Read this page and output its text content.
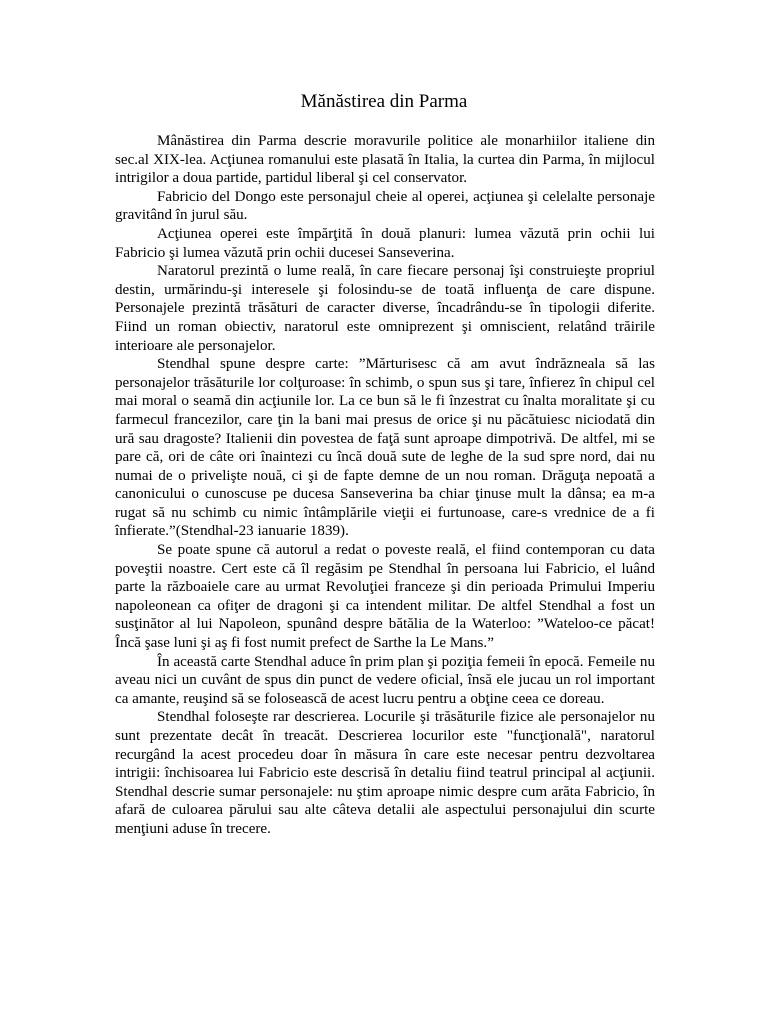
Mănăstirea din Parma

Mânăstirea din Parma descrie moravurile politice ale monarhiilor italiene din sec.al XIX-lea. Acţiunea romanului este plasată în Italia, la curtea din Parma, în mijlocul intrigilor a doua partide, partidul liberal şi cel conservator.

Fabricio del Dongo este personajul cheie al operei, acţiunea şi celelalte personaje gravitând în jurul său.

Acţiunea operei este împărţită în două planuri: lumea văzută prin ochii lui Fabricio şi lumea văzută prin ochii ducesei Sanseverina.

Naratorul prezintă o lume reală, în care fiecare personaj îşi construieşte propriul destin, urmărindu-şi interesele şi folosindu-se de toată influenţa de care dispune. Personajele prezintă trăsături de caracter diverse, încadrându-se în tipologii diferite. Fiind un roman obiectiv, naratorul este omniprezent şi omniscient, relatând trăirile interioare ale personajelor.

Stendhal spune despre carte: ”Mărturisesc că am avut îndrăzneala să las personajelor trăsăturile lor colţuroase: în schimb, o spun sus şi tare, înfierez în chipul cel mai moral o seamă din acţiunile lor. La ce bun să le fi înzestrat cu înalta moralitate şi cu farmecul francezilor, care ţin la bani mai presus de orice şi nu păcătuiesc niciodată din ură sau dragoste? Italienii din povestea de faţă sunt aproape dimpotrivă. De altfel, mi se pare că, ori de câte ori înaintezi cu încă două sute de leghe de la sud spre nord, dai nu numai de o privelişte nouă, ci şi de fapte demne de un nou roman. Drăguţa nepoată a canonicului o cunoscuse pe ducesa Sanseverina ba chiar ţinuse mult la dânsa; ea m-a rugat să nu schimb cu nimic întâmplările vieţii ei furtunoase, care-s vrednice de a fi înfierate.”(Stendhal-23 ianuarie 1839).

Se poate spune că autorul a redat o poveste reală, el fiind contemporan cu data poveştii noastre. Cert este că îl regăsim pe Stendhal în persoana lui Fabricio, el luând parte la războaiele care au urmat Revoluţiei franceze şi din perioada Primului Imperiu napoleonean ca ofiţer de dragoni şi ca intendent militar. De altfel Stendhal a fost un susţinător al lui Napoleon, spunând despre bătălia de la Waterloo: ”Wateloo-ce păcat! Încă şase luni şi aş fi fost numit prefect de Sarthe la Le Mans.”

În această carte Stendhal aduce în prim plan şi poziţia femeii în epocă. Femeile nu aveau nici un cuvânt de spus din punct de vedere oficial, însă ele jucau un rol important ca amante, reuşind să se folosească de acest lucru pentru a obţine ceea ce doreau.

Stendhal foloseşte rar descrierea. Locurile şi trăsăturile fizice ale personajelor nu sunt prezentate decât în treacăt. Descrierea locurilor este "funcţională", naratorul recurgând la acest procedeu doar în măsura în care este necesar pentru dezvoltarea intrigii: închisoarea lui Fabricio este descrisă în detaliu fiind teatrul principal al acţiunii. Stendhal descrie sumar personajele: nu ştim aproape nimic despre cum arăta Fabricio, în afară de culoarea părului sau alte câteva detalii ale aspectului personajului din scurte menţiuni aduse în trecere.
